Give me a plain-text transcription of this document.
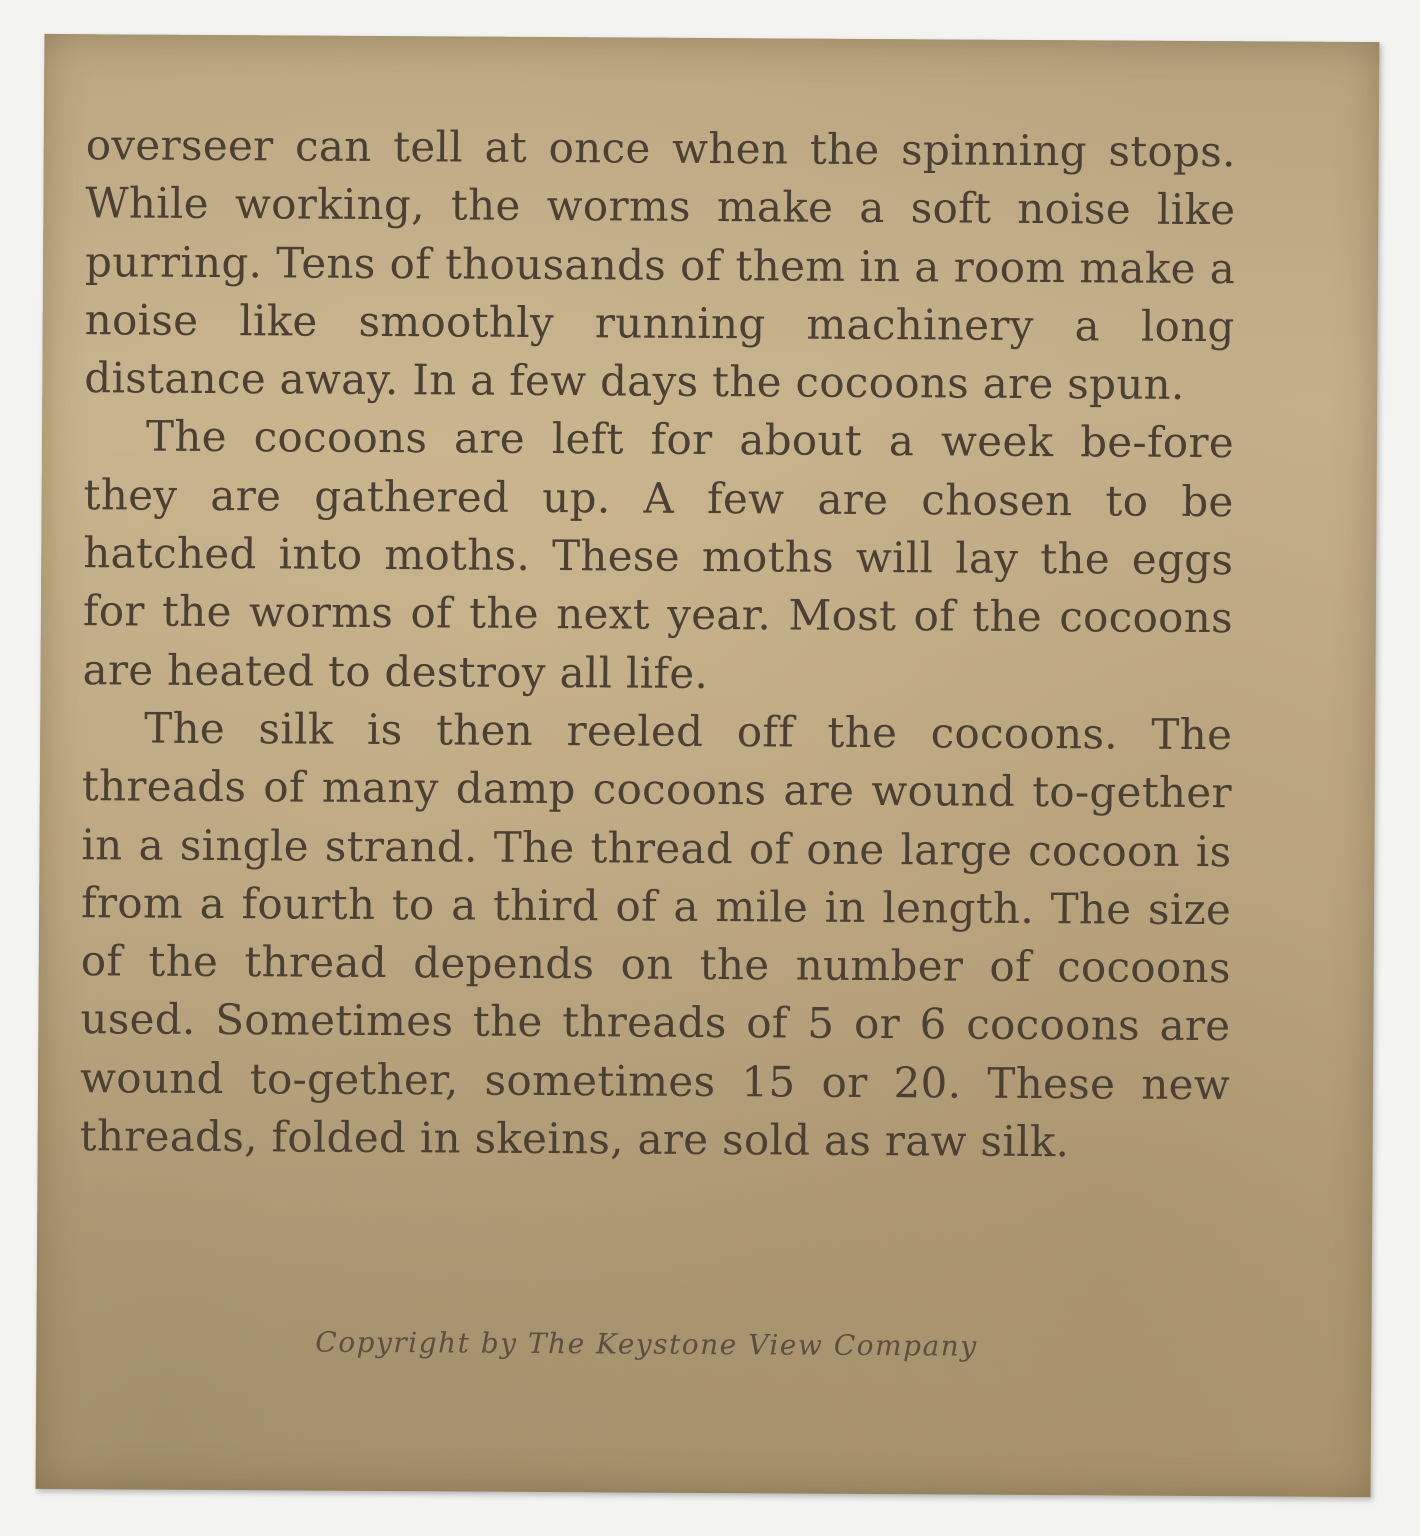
overseer can tell at once when the spinning stops. While working, the worms make a soft noise like purring. Tens of thousands of them in a room make a noise like smoothly running machinery a long distance away. In a few days the cocoons are spun.

The cocoons are left for about a week be-fore they are gathered up. A few are chosen to be hatched into moths. These moths will lay the eggs for the worms of the next year. Most of the cocoons are heated to destroy all life.

The silk is then reeled off the cocoons. The threads of many damp cocoons are wound to-gether in a single strand. The thread of one large cocoon is from a fourth to a third of a mile in length. The size of the thread depends on the number of cocoons used. Sometimes the threads of 5 or 6 cocoons are wound to-gether, sometimes 15 or 20. These new threads, folded in skeins, are sold as raw silk.

Copyright by The Keystone View Company
